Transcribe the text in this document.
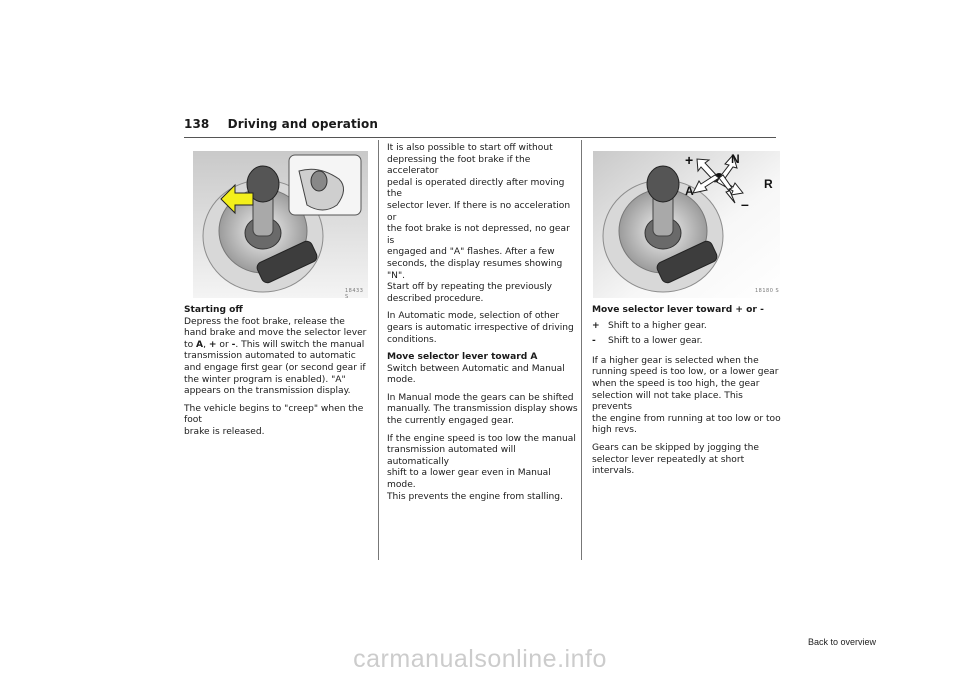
138 Driving and operation
18433 S
+	N
A	R
–
18180 S

Starting off
Depress the foot brake, release the
hand brake and move the selector lever
to A, + or -. This will switch the manual
transmission automated to automatic
and engage first gear (or second gear if
the winter program is enabled). "A"
appears on the transmission display.

The vehicle begins to "creep" when the foot
brake is released.

It is also possible to start off without
depressing the foot brake if the accelerator
pedal is operated directly after moving the
selector lever. If there is no acceleration or
the foot brake is not depressed, no gear is
engaged and "A" flashes. After a few
seconds, the display resumes showing "N".
Start off by repeating the previously
described procedure.

In Automatic mode, selection of other
gears is automatic irrespective of driving
conditions.

Move selector lever toward A

Switch between Automatic and Manual
mode.

In Manual mode the gears can be shifted
manually. The transmission display shows
the currently engaged gear.

If the engine speed is too low the manual
transmission automated will automatically
shift to a lower gear even in Manual mode.
This prevents the engine from stalling.

Move selector lever toward + or -

+ Shift to a higher gear.
-	Shift to a lower gear.

If a higher gear is selected when the
running speed is too low, or a lower gear
when the speed is too high, the gear
selection will not take place. This prevents
the engine from running at too low or too
high revs.

Gears can be skipped by jogging the
selector lever repeatedly at short intervals.

Back to overview
carmanualsonline.info
